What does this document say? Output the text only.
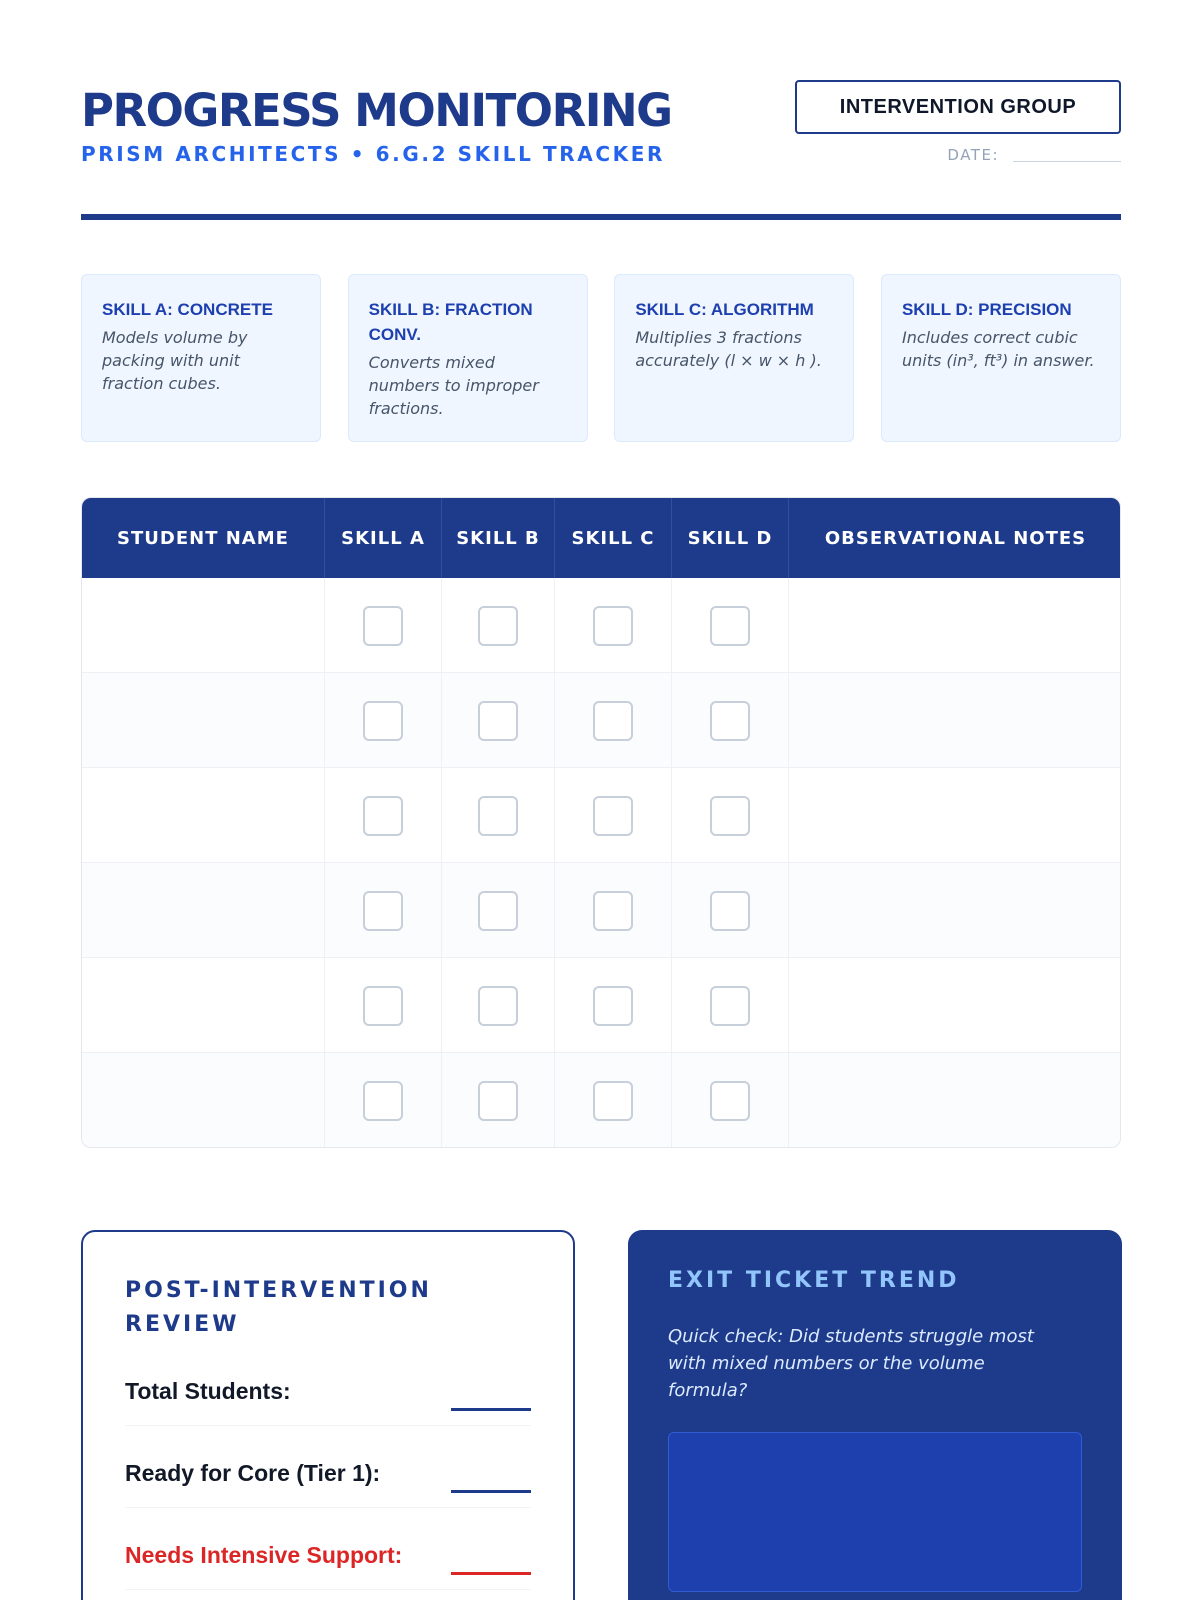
PROGRESS MONITORING
PRISM ARCHITECTS • 6.G.2 SKILL TRACKER
INTERVENTION GROUP
DATE:
SKILL A: CONCRETE
Models volume by packing with unit fraction cubes.
SKILL B: FRACTION CONV.
Converts mixed numbers to improper fractions.
SKILL C: ALGORITHM
Multiplies 3 fractions accurately (l × w × h ).
SKILL D: PRECISION
Includes correct cubic units (in³, ft³) in answer.
STUDENT NAME	SKILL A	SKILL B	SKILL C	SKILL D	OBSERVATIONAL NOTES
POST-INTERVENTION REVIEW
Total Students:
Ready for Core (Tier 1):
Needs Intensive Support:
EXIT TICKET TREND
Quick check: Did students struggle most with mixed numbers or the volume formula?
